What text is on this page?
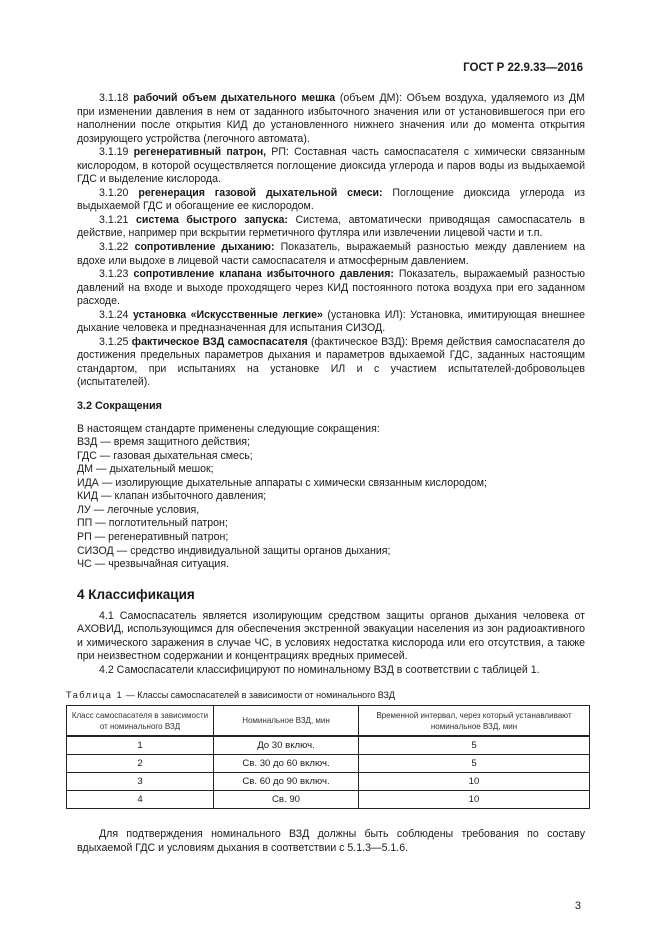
ГОСТ Р 22.9.33—2016

3.1.18 рабочий объем дыхательного мешка (объем ДМ): Объем воздуха, удаляемого из ДМ при изменении давления в нем от заданного избыточного значения или от установившегося при его наполнении после открытия КИД до установленного нижнего значения или до момента открытия дозирующего устройства (легочного автомата).

3.1.19 регенеративный патрон, РП: Составная часть самоспасателя с химически связанным кислородом, в которой осуществляется поглощение диоксида углерода и паров воды из выдыхаемой ГДС и выделение кислорода.

3.1.20 регенерация газовой дыхательной смеси: Поглощение диоксида углерода из выдыхаемой ГДС и обогащение ее кислородом.

3.1.21 система быстрого запуска: Система, автоматически приводящая самоспасатель в действие, например при вскрытии герметичного футляра или извлечении лицевой части и т.п.

3.1.22 сопротивление дыханию: Показатель, выражаемый разностью между давлением на вдохе или выдохе в лицевой части самоспасателя и атмосферным давлением.

3.1.23 сопротивление клапана избыточного давления: Показатель, выражаемый разностью давлений на входе и выходе проходящего через КИД постоянного потока воздуха при его заданном расходе.

3.1.24 установка «Искусственные легкие» (установка ИЛ): Установка, имитирующая внешнее дыхание человека и предназначенная для испытания СИЗОД.

3.1.25 фактическое ВЗД самоспасателя (фактическое ВЗД): Время действия самоспасателя до достижения предельных параметров дыхания и параметров вдыхаемой ГДС, заданных настоящим стандартом, при испытаниях на установке ИЛ и с участием испытателей-добровольцев (испытателей).

3.2 Сокращения
В настоящем стандарте применены следующие сокращения:
ВЗД — время защитного действия;
ГДС — газовая дыхательная смесь;
ДМ — дыхательный мешок;
ИДА — изолирующие дыхательные аппараты с химически связанным кислородом;
КИД — клапан избыточного давления;
ЛУ — легочные условия,
ПП — поглотительный патрон;
РП — регенеративный патрон;
СИЗОД — средство индивидуальной защиты органов дыхания;
ЧС — чрезвычайная ситуация.
4 Классификация

4.1 Самоспасатель является изолирующим средством защиты органов дыхания человека от АХОВИД, использующимся для обеспечения экстренной эвакуации населения из зон радиоактивного и химического заражения в случае ЧС, в условиях недостатка кислорода или его отсутствия, а также при неизвестном содержании и концентрациях вредных примесей.

4.2 Самоспасатели классифицируют по номинальному ВЗД в соответствии с таблицей 1.

Таблица 1 — Классы самоспасателей в зависимости от номинального ВЗД
Класс самоспасателя в зависимости от номинального ВЗД	Номинальное ВЗД, мин	Временной интервал, через который устанавливают номинальное ВЗД, мин
1	До 30 включ.	5
2	Св. 30 до 60 включ.	5
3	Св. 60 до 90 включ.	10
4	Св. 90	10

Для подтверждения номинального ВЗД должны быть соблюдены требования по составу вдыхаемой ГДС и условиям дыхания в соответствии с 5.1.3—5.1.6.

3
